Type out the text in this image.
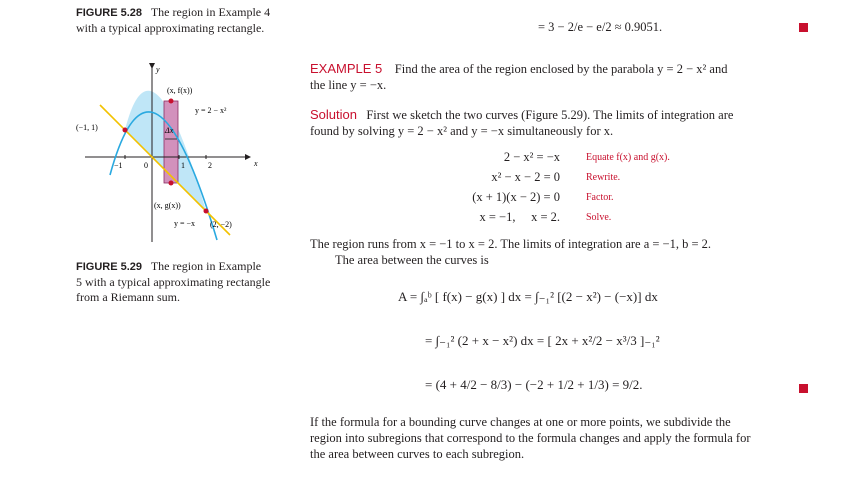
FIGURE 5.28 The region in Example 4
with a typical approximating rectangle.	= 3 − 2/e − e/2 ≈ 0.9051.
y
x
(x, f(x))
y = 2 − x²
(−1, 1)	Δx
−1	0	1	2
(x, g(x))
y = −x (2, −2)
FIGURE 5.29 The region in Example
5 with a typical approximating rectangle
from a Riemann sum.
EXAMPLE 5 Find the area of the region enclosed by the parabola y = 2 − x² and
the line y = −x.
Solution First we sketch the two curves (Figure 5.29). The limits of integration are
found by solving y = 2 − x² and y = −x simultaneously for x.
2 − x² = −x	Equate f(x) and g(x).
x² − x − 2 = 0	Rewrite.
(x + 1)(x − 2) = 0	Factor.
x = −1,     x = 2.	Solve.
The region runs from x = −1 to x = 2. The limits of integration are a = −1, b = 2.
The area between the curves is
A = ∫ₐᵇ [ f(x) − g(x) ] dx = ∫₋₁² [(2 − x²) − (−x)] dx
= ∫₋₁² (2 + x − x²) dx = [ 2x + x²/2 − x³/3 ]₋₁²
= (4 + 4/2 − 8/3) − (−2 + 1/2 + 1/3) = 9/2.
If the formula for a bounding curve changes at one or more points, we subdivide the
region into subregions that correspond to the formula changes and apply the formula for
the area between curves to each subregion.
